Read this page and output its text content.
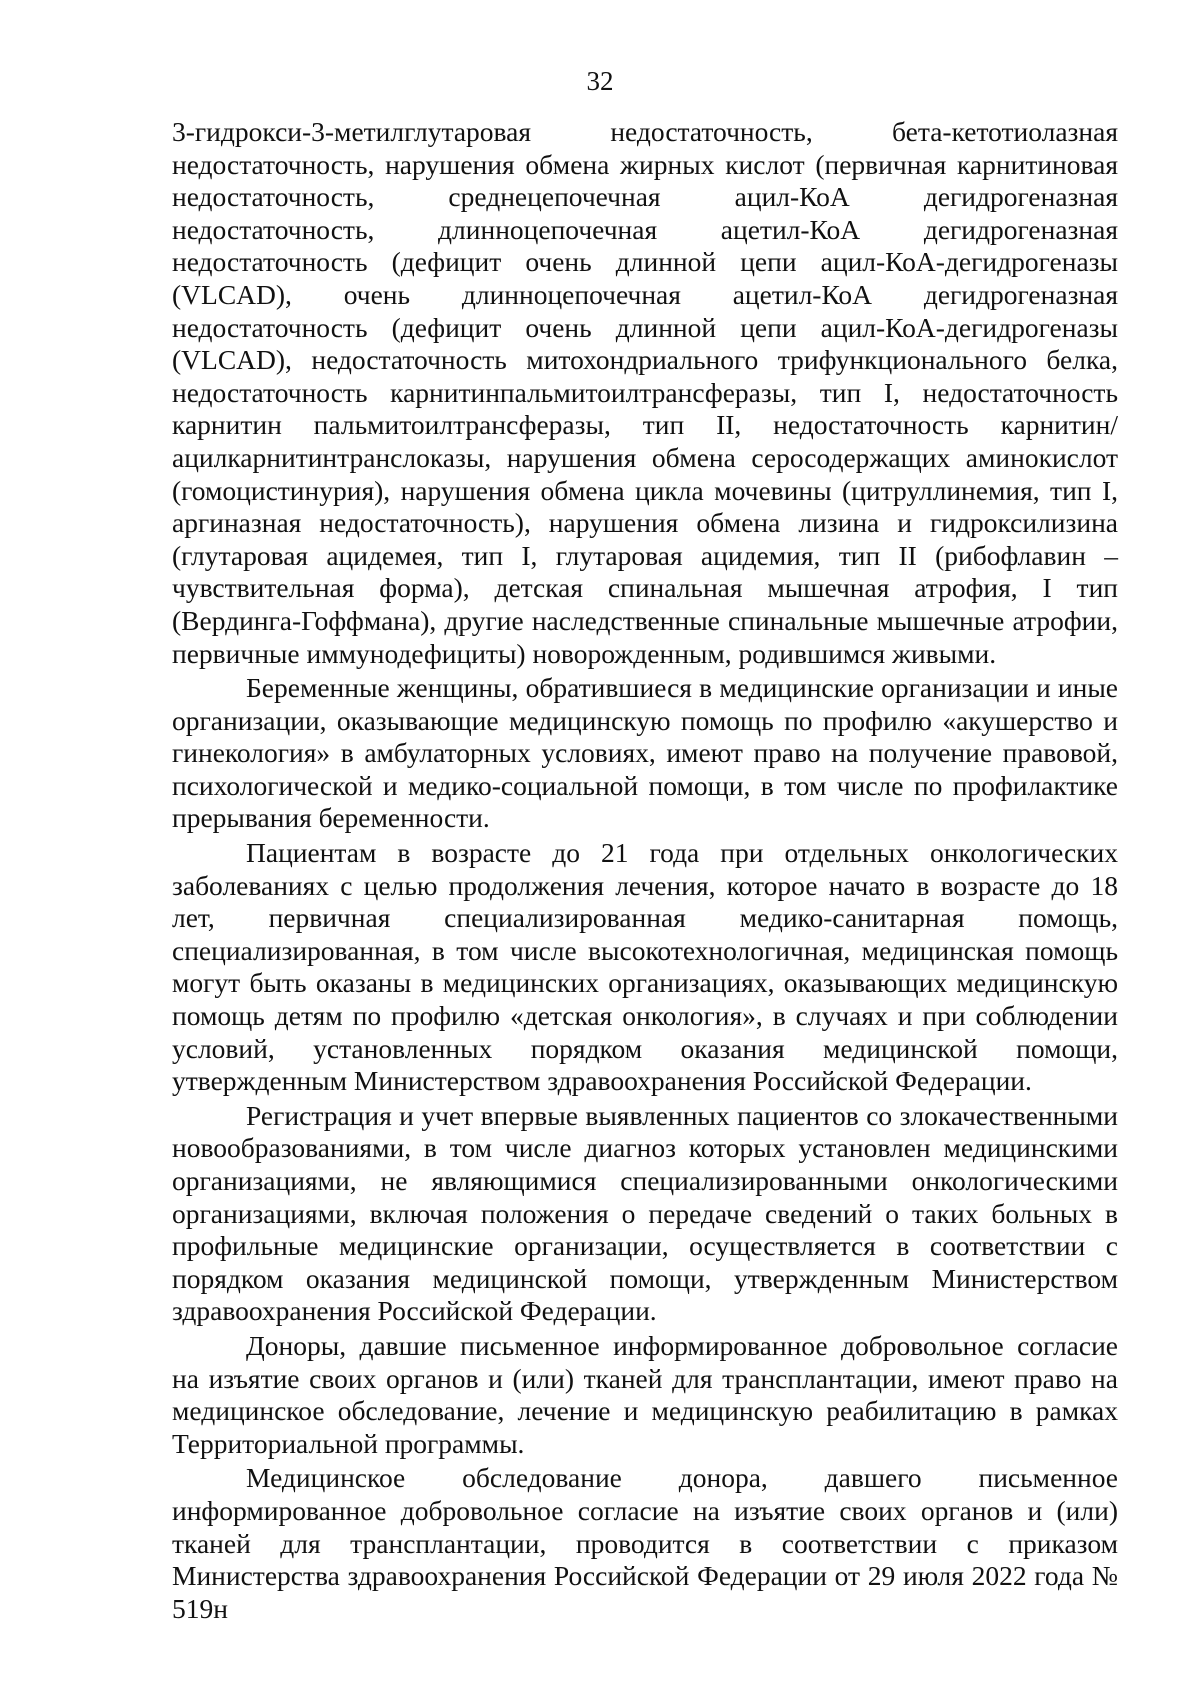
32

3-гидрокси-3-метилглутаровая недостаточность, бета-кетотиолазная недостаточность, нарушения обмена жирных кислот (первичная карнитиновая недостаточность, среднецепочечная ацил-КоА дегидрогеназная недостаточность, длинноцепочечная ацетил-КоА дегидрогеназная недостаточность (дефицит очень длинной цепи ацил-КоА-дегидрогеназы (VLCAD), очень длинноцепочечная ацетил-КоА дегидрогеназная недостаточность (дефицит очень длинной цепи ацил-КоА-дегидрогеназы (VLCAD), недостаточность митохондриального трифункционального белка, недостаточность карнитинпальмитоилтрансферазы, тип I, недостаточность карнитин пальмитоилтрансферазы, тип II, недостаточность карнитин/ацилкарнитинтранслоказы, нарушения обмена серосодержащих аминокислот (гомоцистинурия), нарушения обмена цикла мочевины (цитруллинемия, тип I, аргиназная недостаточность), нарушения обмена лизина и гидроксилизина (глутаровая ацидемея, тип I, глутаровая ацидемия, тип II (рибофлавин – чувствительная форма), детская спинальная мышечная атрофия, I тип (Вердинга-Гоффмана), другие наследственные спинальные мышечные атрофии, первичные иммунодефициты) новорожденным, родившимся живыми.

Беременные женщины, обратившиеся в медицинские организации и иные организации, оказывающие медицинскую помощь по профилю «акушерство и гинекология» в амбулаторных условиях, имеют право на получение правовой, психологической и медико-социальной помощи, в том числе по профилактике прерывания беременности.

Пациентам в возрасте до 21 года при отдельных онкологических заболеваниях с целью продолжения лечения, которое начато в возрасте до 18 лет, первичная специализированная медико-санитарная помощь, специализированная, в том числе высокотехнологичная, медицинская помощь могут быть оказаны в медицинских организациях, оказывающих медицинскую помощь детям по профилю «детская онкология», в случаях и при соблюдении условий, установленных порядком оказания медицинской помощи, утвержденным Министерством здравоохранения Российской Федерации.

Регистрация и учет впервые выявленных пациентов со злокачественными новообразованиями, в том числе диагноз которых установлен медицинскими организациями, не являющимися специализированными онкологическими организациями, включая положения о передаче сведений о таких больных в профильные медицинские организации, осуществляется в соответствии с порядком оказания медицинской помощи, утвержденным Министерством здравоохранения Российской Федерации.

Доноры, давшие письменное информированное добровольное согласие на изъятие своих органов и (или) тканей для трансплантации, имеют право на медицинское обследование, лечение и медицинскую реабилитацию в рамках Территориальной программы.

Медицинское обследование донора, давшего письменное информированное добровольное согласие на изъятие своих органов и (или) тканей для трансплантации, проводится в соответствии с приказом Министерства здравоохранения Российской Федерации от 29 июля 2022 года № 519н
